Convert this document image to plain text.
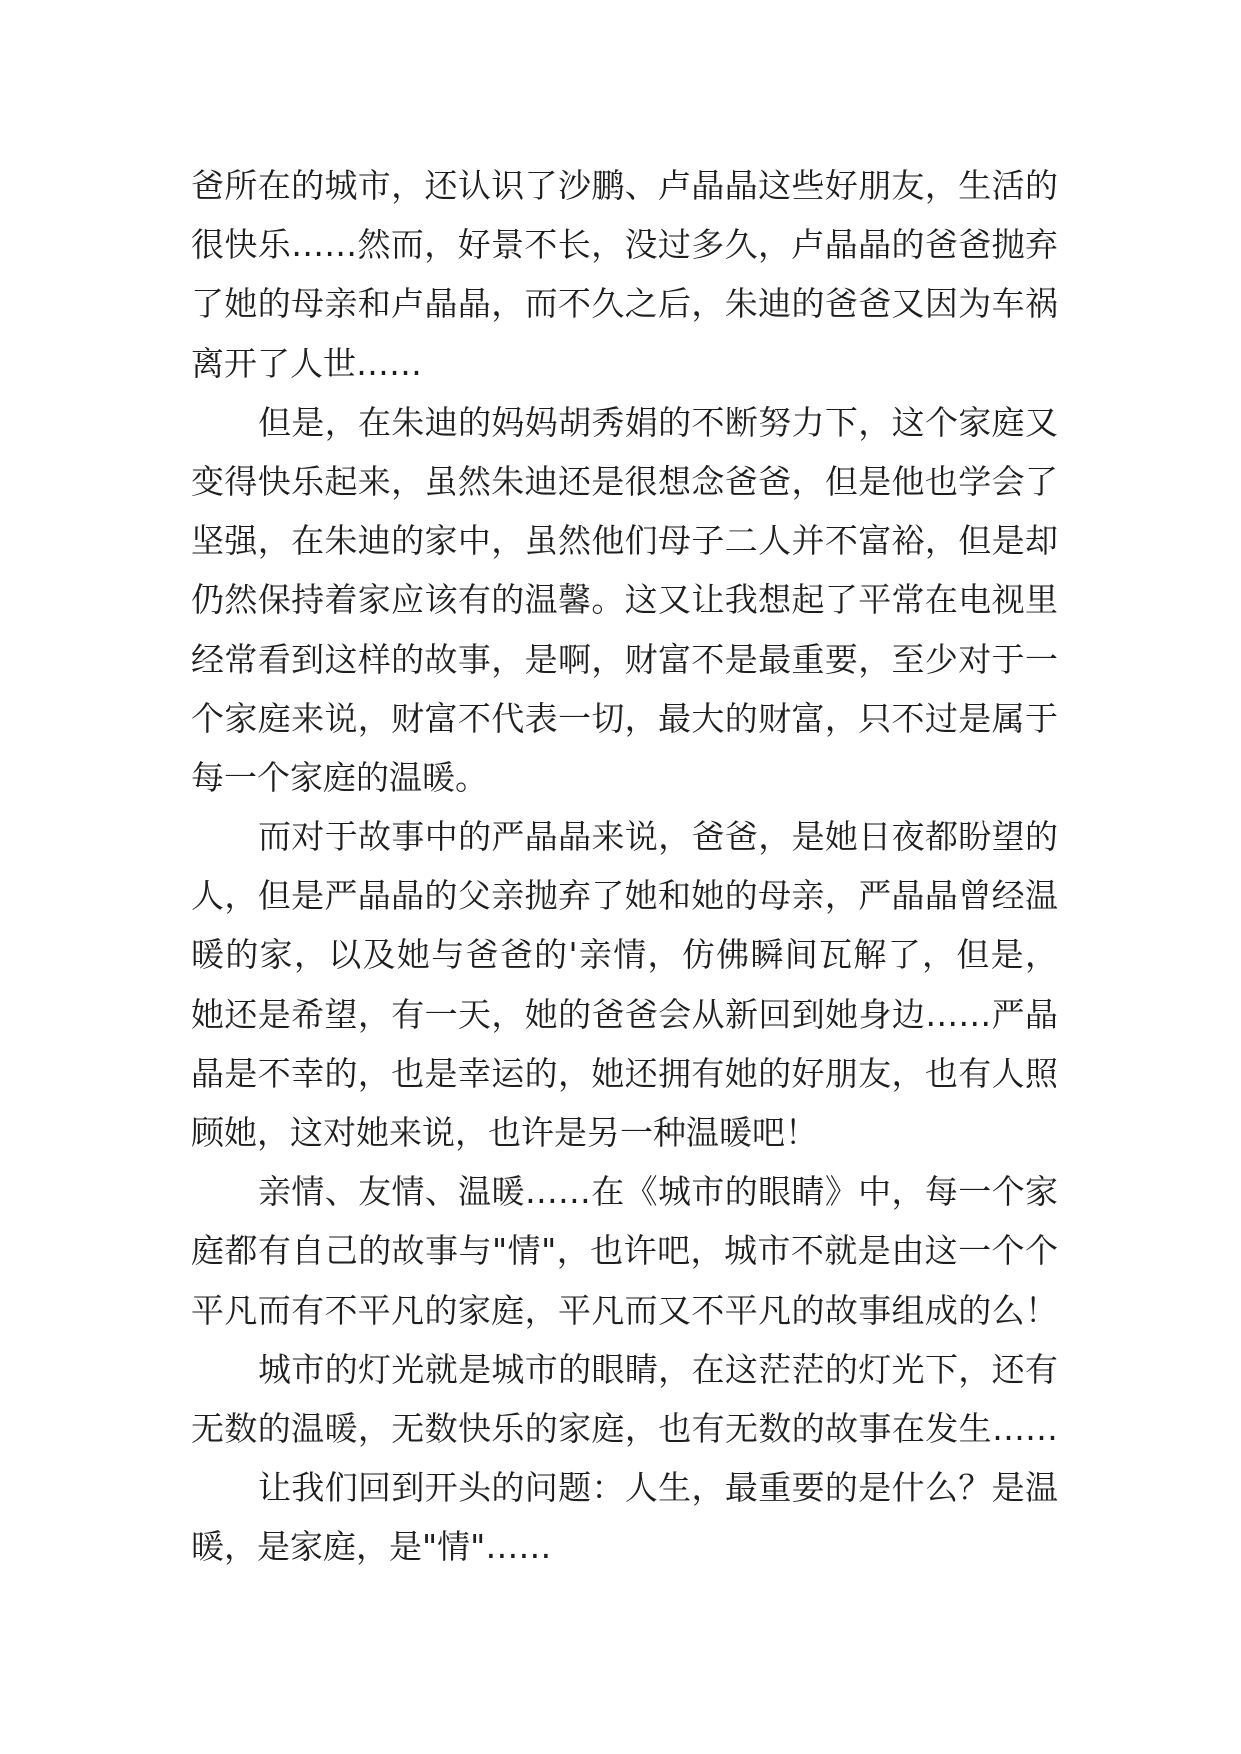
爸所在的城市，还认识了沙鹏、卢晶晶这些好朋友，生活的
很快乐……然而，好景不长，没过多久，卢晶晶的爸爸抛弃
了她的母亲和卢晶晶，而不久之后，朱迪的爸爸又因为车祸
离开了人世……
但是，在朱迪的妈妈胡秀娟的不断努力下，这个家庭又
变得快乐起来，虽然朱迪还是很想念爸爸，但是他也学会了
坚强，在朱迪的家中，虽然他们母子二人并不富裕，但是却
仍然保持着家应该有的温馨。这又让我想起了平常在电视里
经常看到这样的故事，是啊，财富不是最重要，至少对于一
个家庭来说，财富不代表一切，最大的财富，只不过是属于
每一个家庭的温暖。
而对于故事中的严晶晶来说，爸爸，是她日夜都盼望的
人，但是严晶晶的父亲抛弃了她和她的母亲，严晶晶曾经温
暖的家，以及她与爸爸的'亲情，仿佛瞬间瓦解了，但是，
她还是希望，有一天，她的爸爸会从新回到她身边……严晶
晶是不幸的，也是幸运的，她还拥有她的好朋友，也有人照
顾她，这对她来说，也许是另一种温暖吧！
亲情、友情、温暖……在《城市的眼睛》中，每一个家
庭都有自己的故事与"情"，也许吧，城市不就是由这一个个
平凡而有不平凡的家庭，平凡而又不平凡的故事组成的么！
城市的灯光就是城市的眼睛，在这茫茫的灯光下，还有
无数的温暖，无数快乐的家庭，也有无数的故事在发生……
让我们回到开头的问题：人生，最重要的是什么？是温
暖，是家庭，是"情"……
